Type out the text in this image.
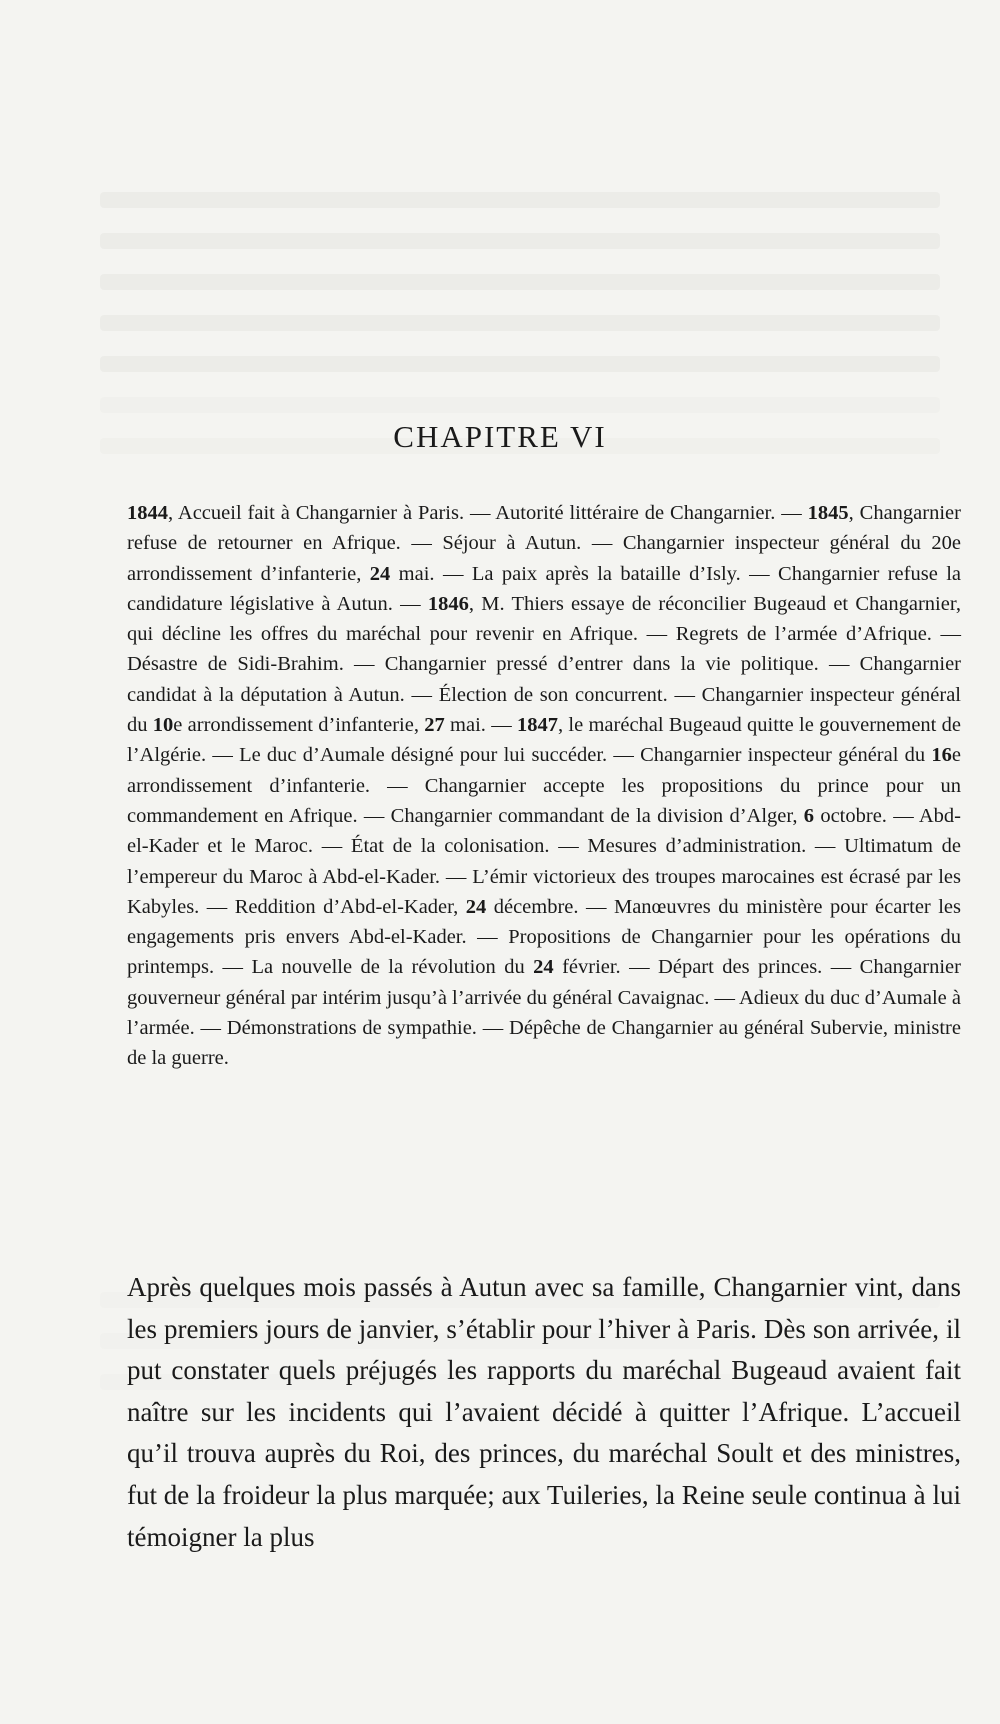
CHAPITRE VI

1844, Accueil fait à Changarnier à Paris. — Autorité littéraire de Changarnier. — 1845, Changarnier refuse de retourner en Afrique. — Séjour à Autun. — Changarnier inspecteur général du 20e arrondissement d’infanterie, 24 mai. — La paix après la bataille d’Isly. — Changarnier refuse la candidature législative à Autun. — 1846, M. Thiers essaye de réconcilier Bugeaud et Changarnier, qui décline les offres du maréchal pour revenir en Afrique. — Regrets de l’armée d’Afrique. — Désastre de Sidi-Brahim. — Changarnier pressé d’entrer dans la vie politique. — Changarnier candidat à la députation à Autun. — Élection de son concurrent. — Changarnier inspecteur général du 10e arrondissement d’infanterie, 27 mai. — 1847, le maréchal Bugeaud quitte le gouvernement de l’Algérie. — Le duc d’Aumale désigné pour lui succéder. — Changarnier inspecteur général du 16e arrondissement d’infanterie. — Changarnier accepte les propositions du prince pour un commandement en Afrique. — Changarnier commandant de la division d’Alger, 6 octobre. — Abd-el-Kader et le Maroc. — État de la colonisation. — Mesures d’administration. — Ultimatum de l’empereur du Maroc à Abd-el-Kader. — L’émir victorieux des troupes marocaines est écrasé par les Kabyles. — Reddition d’Abd-el-Kader, 24 décembre. — Manœuvres du ministère pour écarter les engagements pris envers Abd-el-Kader. — Propositions de Changarnier pour les opérations du printemps. — La nouvelle de la révolution du 24 février. — Départ des princes. — Changarnier gouverneur général par intérim jusqu’à l’arrivée du général Cavaignac. — Adieux du duc d’Aumale à l’armée. — Démonstrations de sympathie. — Dépêche de Changarnier au général Subervie, ministre de la guerre.

Après quelques mois passés à Autun avec sa famille, Changarnier vint, dans les premiers jours de janvier, s’établir pour l’hiver à Paris. Dès son arrivée, il put constater quels préjugés les rapports du maréchal Bugeaud avaient fait naître sur les incidents qui l’avaient décidé à quitter l’Afrique. L’accueil qu’il trouva auprès du Roi, des princes, du maréchal Soult et des ministres, fut de la froideur la plus marquée; aux Tuileries, la Reine seule continua à lui témoigner la plus
